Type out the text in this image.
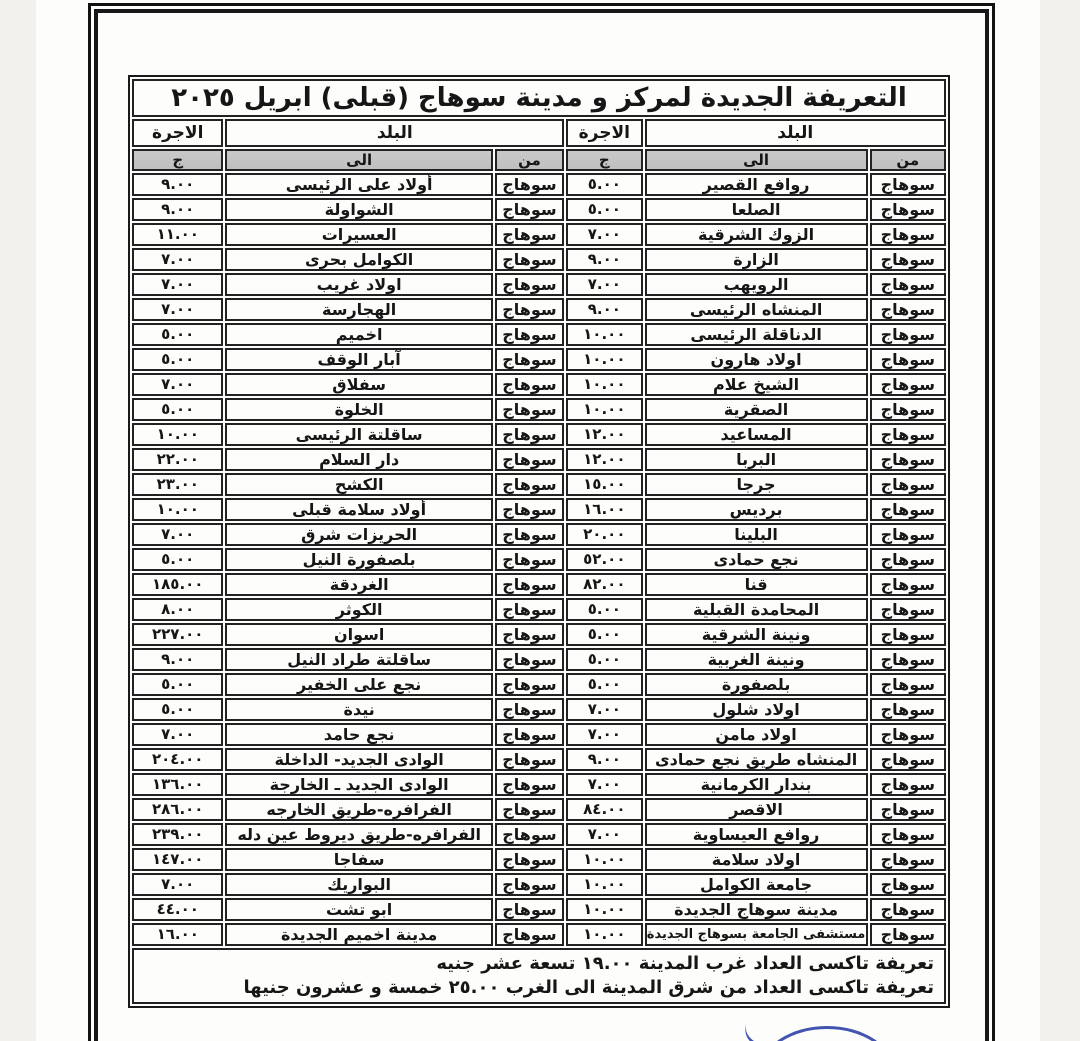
التعريفة الجديدة لمركز و مدينة سوهاج (قبلى) ابريل ٢٠٢٥					
البلد		الاجرة	البلد		الاجرة
من	الى	ج	من	الى	ج
سوهاج	روافع القصير	٥.٠٠	سوهاج	أولاد على الرئيسى	٩.٠٠
سوهاج	الصلعا	٥.٠٠	سوهاج	الشواولة	٩.٠٠
سوهاج	الزوك الشرقية	٧.٠٠	سوهاج	العسيرات	١١.٠٠
سوهاج	الزارة	٩.٠٠	سوهاج	الكوامل بحرى	٧.٠٠
سوهاج	الرويهب	٧.٠٠	سوهاج	اولاد غريب	٧.٠٠
سوهاج	المنشاه الرئيسى	٩.٠٠	سوهاج	الهجارسة	٧.٠٠
سوهاج	الدناقلة الرئيسى	١٠.٠٠	سوهاج	اخميم	٥.٠٠
سوهاج	اولاد هارون	١٠.٠٠	سوهاج	آبار الوقف	٥.٠٠
سوهاج	الشيخ علام	١٠.٠٠	سوهاج	سفلاق	٧.٠٠
سوهاج	الصقرية	١٠.٠٠	سوهاج	الخلوة	٥.٠٠
سوهاج	المساعيد	١٢.٠٠	سوهاج	ساقلتة الرئيسى	١٠.٠٠
سوهاج	البربا	١٢.٠٠	سوهاج	دار السلام	٢٢.٠٠
سوهاج	جرجا	١٥.٠٠	سوهاج	الكشح	٢٣.٠٠
سوهاج	برديس	١٦.٠٠	سوهاج	أولاد سلامة قبلى	١٠.٠٠
سوهاج	البلينا	٢٠.٠٠	سوهاج	الحريزات شرق	٧.٠٠
سوهاج	نجع حمادى	٥٢.٠٠	سوهاج	بلصفورة النيل	٥.٠٠
سوهاج	قنا	٨٢.٠٠	سوهاج	الغردقة	١٨٥.٠٠
سوهاج	المحامدة القبلية	٥.٠٠	سوهاج	الكوثر	٨.٠٠
سوهاج	ونينة الشرقية	٥.٠٠	سوهاج	اسوان	٢٢٧.٠٠
سوهاج	ونينة الغربية	٥.٠٠	سوهاج	ساقلتة طراد النيل	٩.٠٠
سوهاج	بلصفورة	٥.٠٠	سوهاج	نجع على الخفير	٥.٠٠
سوهاج	اولاد شلول	٧.٠٠	سوهاج	نيدة	٥.٠٠
سوهاج	اولاد مامن	٧.٠٠	سوهاج	نجع حامد	٧.٠٠
سوهاج	المنشاه طريق نجع حمادى	٩.٠٠	سوهاج	الوادى الجديد- الداخلة	٢٠٤.٠٠
سوهاج	بندار الكرمانية	٧.٠٠	سوهاج	الوادى الجديد ـ الخارجة	١٣٦.٠٠
سوهاج	الاقصر	٨٤.٠٠	سوهاج	الفرافره-طريق الخارجه	٢٨٦.٠٠
سوهاج	روافع العيساوية	٧.٠٠	سوهاج	الفرافره-طريق ديروط عين دله	٢٣٩.٠٠
سوهاج	اولاد سلامة	١٠.٠٠	سوهاج	سفاجا	١٤٧.٠٠
سوهاج	جامعة الكوامل	١٠.٠٠	سوهاج	البواريك	٧.٠٠
سوهاج	مدينة سوهاج الجديدة	١٠.٠٠	سوهاج	ابو تشت	٤٤.٠٠
سوهاج	مستشفى الجامعة بسوهاج الجديدة	١٠.٠٠	سوهاج	مدينة اخميم الجديدة	١٦.٠٠

تعريفة تاكسى العداد غرب المدينة ١٩.٠٠ تسعة عشر جنيه
تعريفة تاكسى العداد من شرق المدينة الى الغرب ٢٥.٠٠ خمسة و عشرون جنيها					
